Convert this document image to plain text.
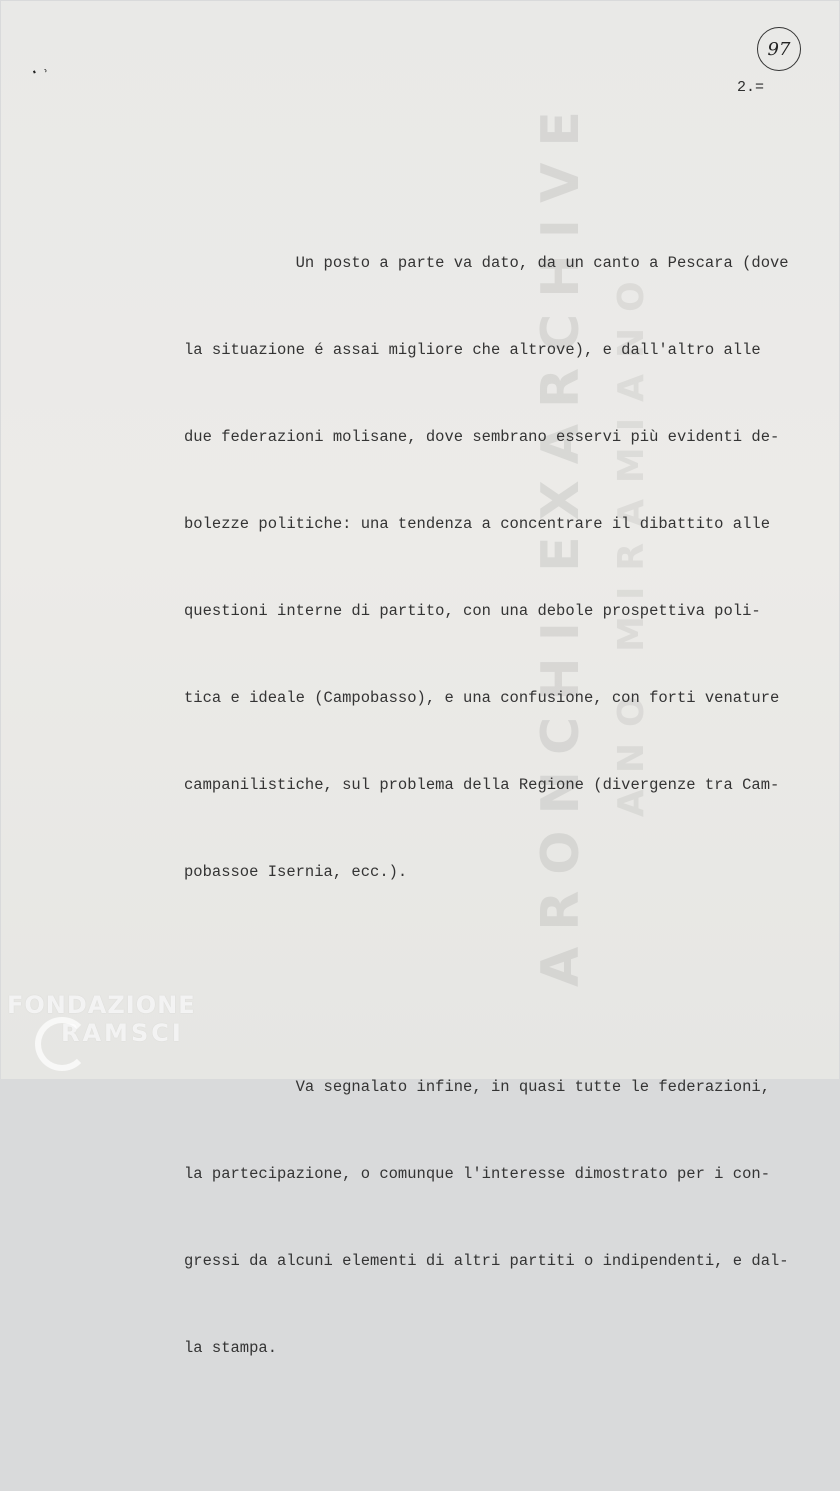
ARONCHI EXARCHIVE ANO MIRAMIANO
·˒
97
2.=

Un posto a parte va dato, da un canto a Pescara (dove

la situazione é assai migliore che altrove), e dall'altro alle

due federazioni molisane, dove sembrano esservi più evidenti de-

bolezze politiche: una tendenza a concentrare il dibattito alle

questioni interne di partito, con una debole prospettiva poli-

tica e ideale (Campobasso), e una confusione, con forti venature

campanilistiche, sul problema della Regione (divergenze tra Cam-

pobassoe Isernia, ecc.).

Va segnalato infine, in quasi tutte le federazioni,

la partecipazione, o comunque l'interesse dimostrato per i con-

gressi da alcuni elementi di altri partiti o indipendenti, e dal-

la stampa.

FONDAZIONE
RAMSCI
